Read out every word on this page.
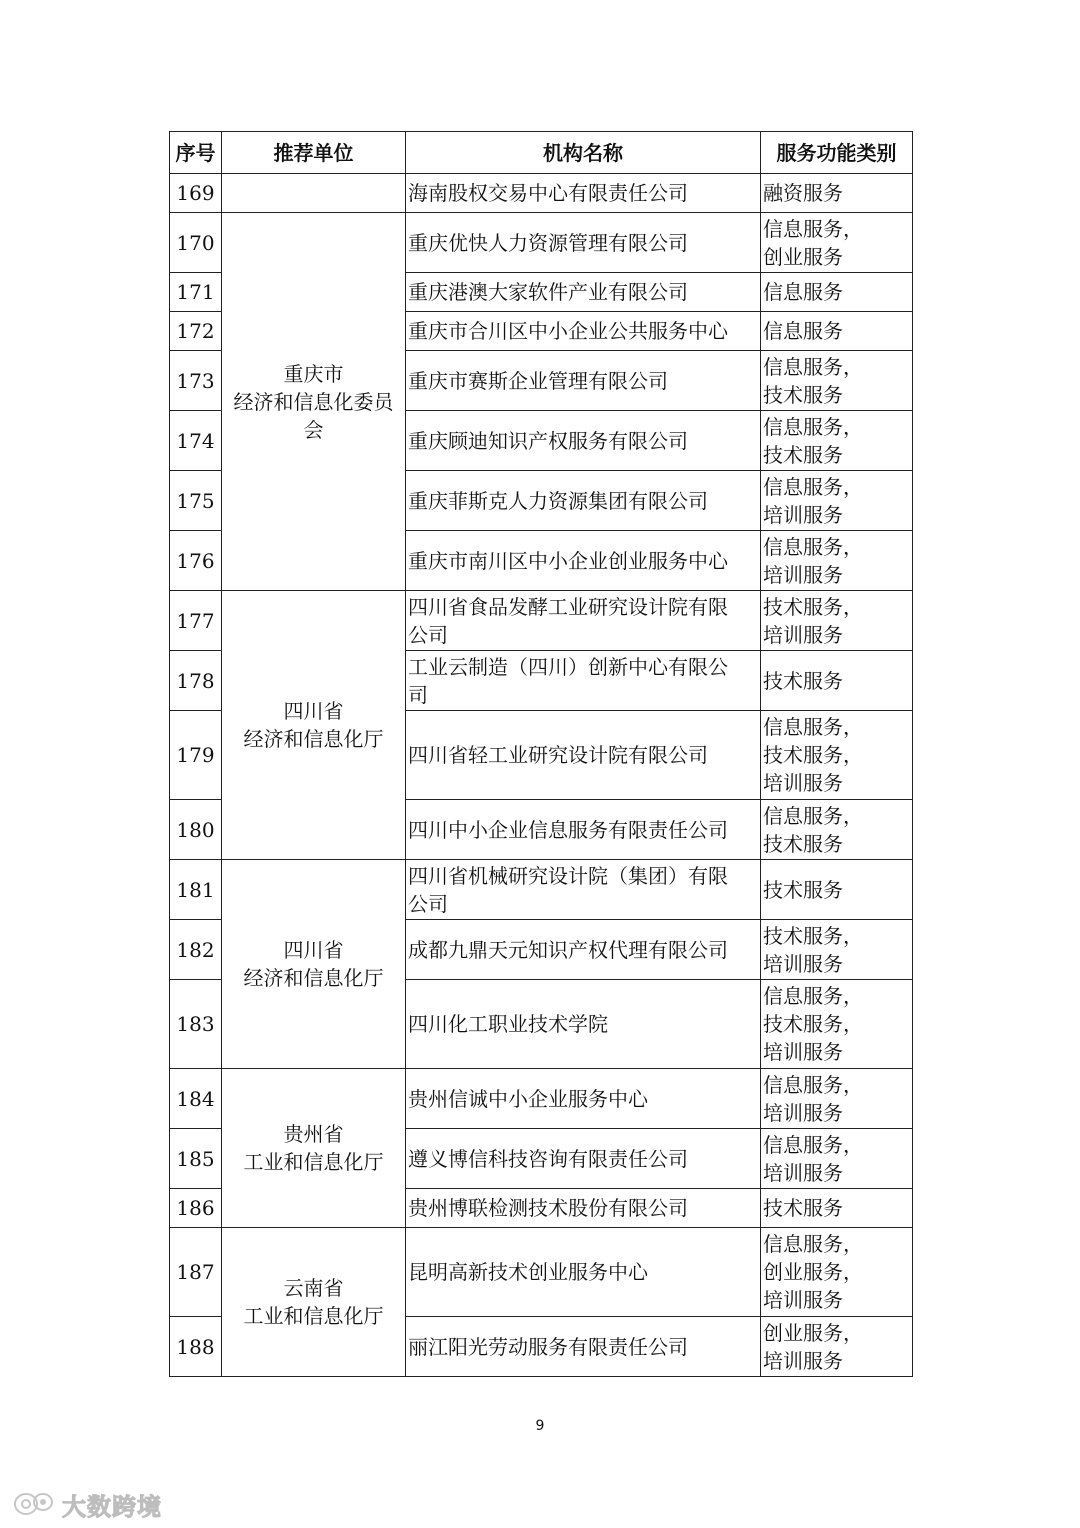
序号	推荐单位	机构名称	服务功能类别
169		海南股权交易中心有限责任公司	融资服务
170	重庆市
经济和信息化委员
会	重庆优快人力资源管理有限公司	信息服务，
创业服务
171		重庆港澳大家软件产业有限公司	信息服务
172		重庆市合川区中小企业公共服务中心	信息服务
173		重庆市赛斯企业管理有限公司	信息服务，
技术服务
174		重庆顾迪知识产权服务有限公司	信息服务，
技术服务
175		重庆菲斯克人力资源集团有限公司	信息服务，
培训服务
176		重庆市南川区中小企业创业服务中心	信息服务，
培训服务
177	四川省
经济和信息化厅	四川省食品发酵工业研究设计院有限
公司	技术服务，
培训服务
178		工业云制造（四川）创新中心有限公
司	技术服务
179		四川省轻工业研究设计院有限公司	信息服务，
技术服务，
培训服务
180		四川中小企业信息服务有限责任公司	信息服务，
技术服务
181	四川省
经济和信息化厅	四川省机械研究设计院（集团）有限
公司	技术服务
182		成都九鼎天元知识产权代理有限公司	技术服务，
培训服务
183		四川化工职业技术学院	信息服务，
技术服务，
培训服务
184	贵州省
工业和信息化厅	贵州信诚中小企业服务中心	信息服务，
培训服务
185		遵义博信科技咨询有限责任公司	信息服务，
培训服务
186		贵州博联检测技术股份有限公司	技术服务
187	云南省
工业和信息化厅	昆明高新技术创业服务中心	信息服务，
创业服务，
培训服务
188		丽江阳光劳动服务有限责任公司	创业服务，
培训服务
9
大数跨境
